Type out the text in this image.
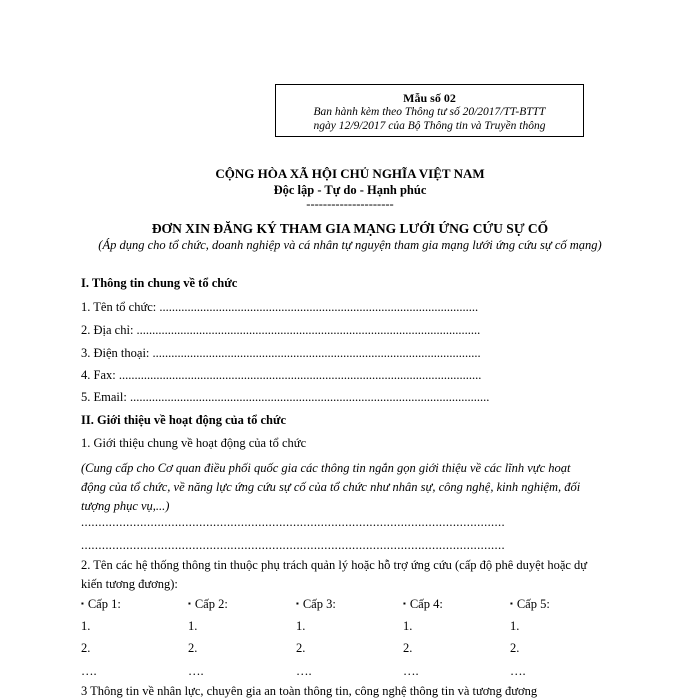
Mẫu số 02
Ban hành kèm theo Thông tư số 20/2017/TT-BTTT
ngày 12/9/2017 của Bộ Thông tin và Truyền thông
CỘNG HÒA XÃ HỘI CHỦ NGHĨA VIỆT NAM
Độc lập - Tự do - Hạnh phúc
---------------------
ĐƠN XIN ĐĂNG KÝ THAM GIA MẠNG LƯỚI ỨNG CỨU SỰ CỐ
(Áp dụng cho tổ chức, doanh nghiệp và cá nhân tự nguyện tham gia mạng lưới ứng cứu sự cố mạng)
I. Thông tin chung về tổ chức
1. Tên tổ chức: ......................................................................................................
2. Địa chỉ: ..............................................................................................................
3. Điện thoại: .........................................................................................................
4. Fax: ....................................................................................................................
5. Email: ...................................................................................................................
II. Giới thiệu về hoạt động của tổ chức
1. Giới thiệu chung về hoạt động của tổ chức
(Cung cấp cho Cơ quan điều phối quốc gia các thông tin ngắn gọn giới thiệu về các lĩnh vực hoạt động của tổ chức, về năng lực ứng cứu sự cố của tổ chức như nhân sự, công nghệ, kinh nghiệm, đối tượng phục vụ,...)
..........................................................................................................................
..........................................................................................................................
2. Tên các hệ thống thông tin thuộc phụ trách quản lý hoặc hỗ trợ ứng cứu (cấp độ phê duyệt hoặc dự kiến tương đương):
▪ Cấp 1:	▪ Cấp 2:	▪ Cấp 3:	▪ Cấp 4:	▪ Cấp 5:
1.	1.	1.	1.	1.
2.	2.	2.	2.	2.
….	….	….	….	….
3 Thông tin về nhân lực, chuyên gia an toàn thông tin, công nghệ thông tin và tương đương
